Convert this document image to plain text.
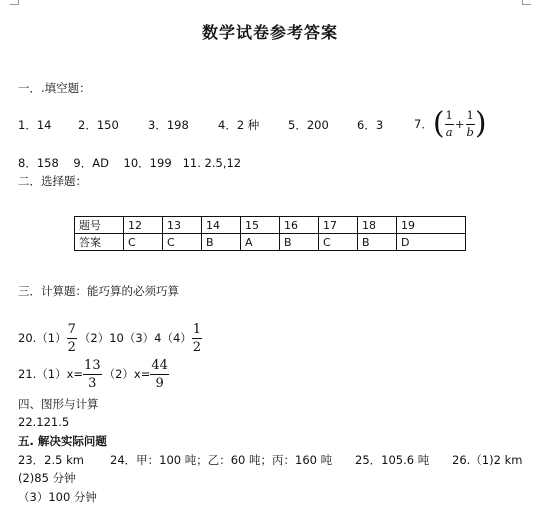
数学试卷参考答案
一．.填空题：
1．14 2．150	3．198	4．2 种 5．200 6．3	7． ( $\frac{1}{a} + \frac{1}{b}$ )
8．158    9．AD    10．199   11. 2.5,12
二．选择题：
题号	12	13	14	15	16	17	18	19
答案	C	C	B	A	B	C	B	D
三．计算题：能巧算的必须巧算
$20.(1) \frac{7}{2} (2)10(3)4(4) \frac{1}{2}$
$21.(1)x= \frac{13}{3} (2)x= \frac{44}{9}$
四、图形与计算
22.121.5
五. 解决实际问题
23．2.5 km 24．甲：100 吨；乙：60 吨；丙：160 吨 25．105.6 吨 26.（1)2 km
(2)85 分钟
（3）100 分钟
